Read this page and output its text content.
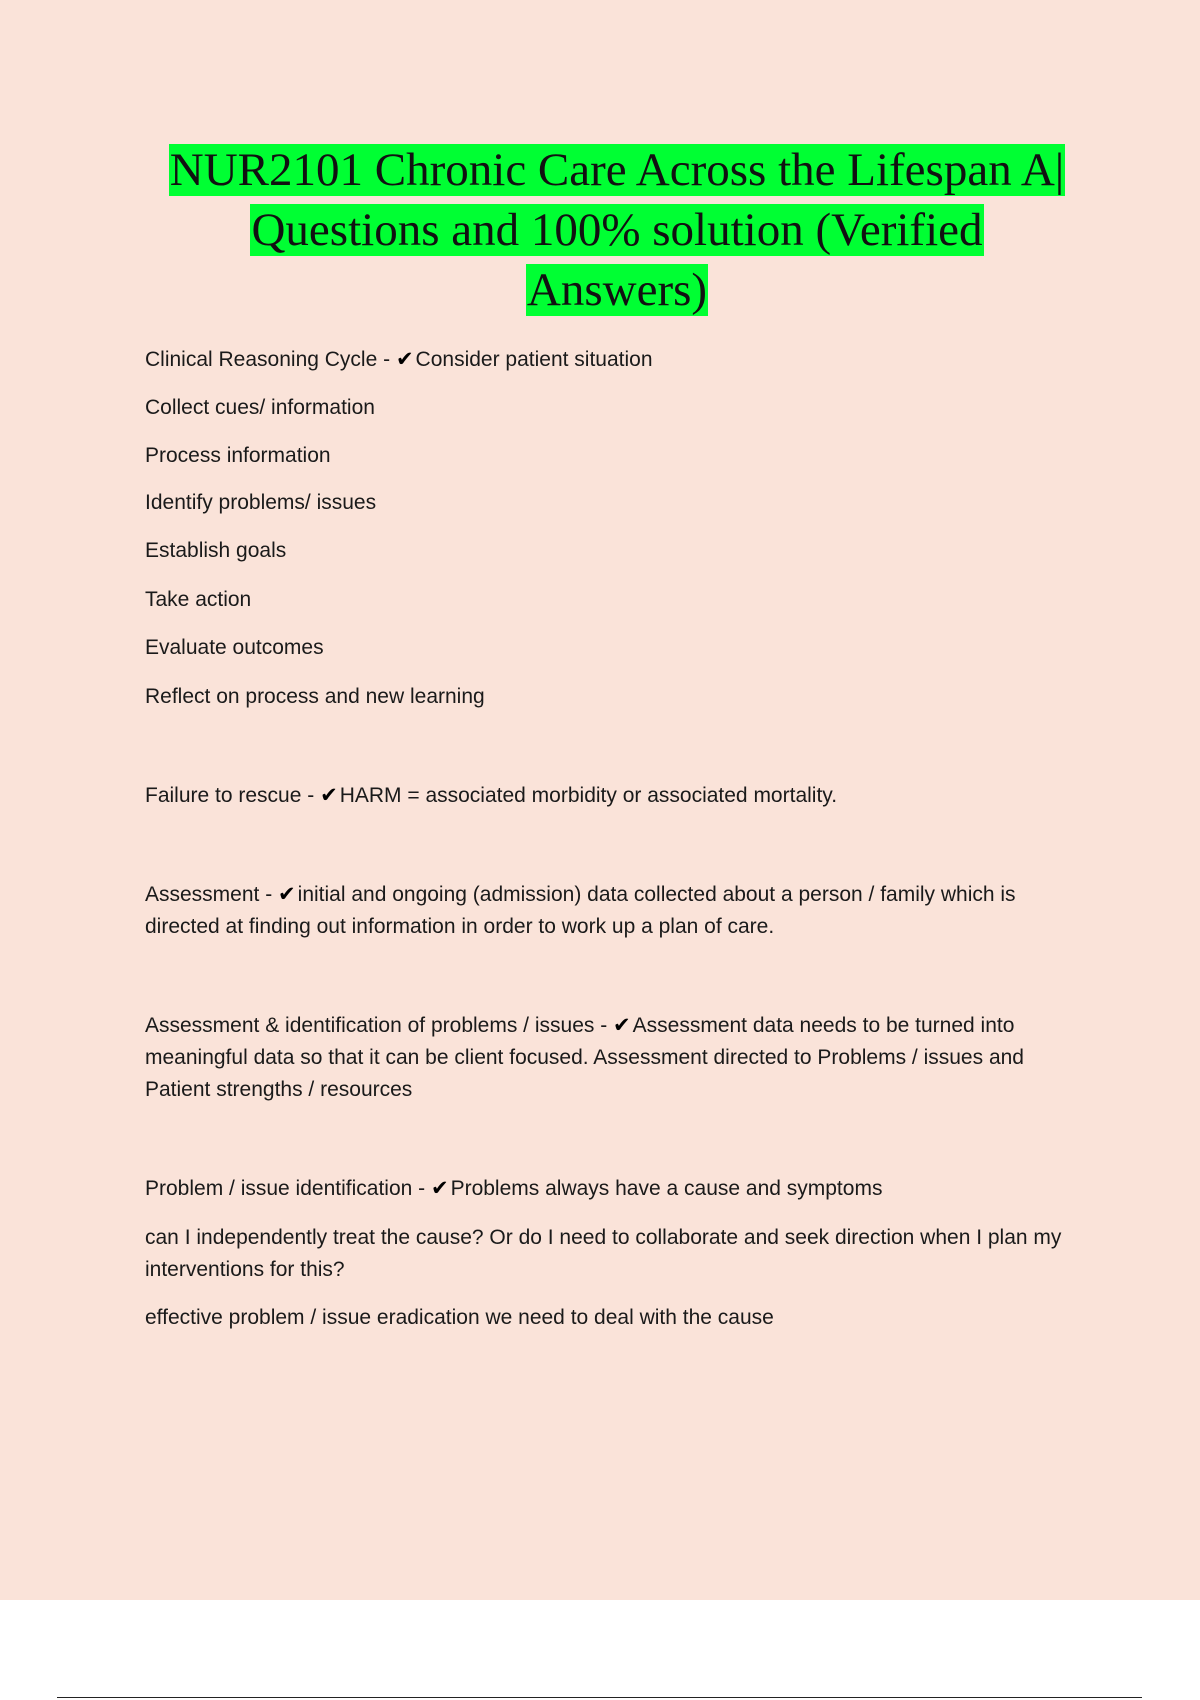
NUR2101 Chronic Care Across the Lifespan A|
Questions and 100% solution (Verified
Answers)
Clinical Reasoning Cycle - ✔Consider patient situation
Collect cues/ information
Process information
Identify problems/ issues
Establish goals
Take action
Evaluate outcomes
Reflect on process and new learning
Failure to rescue - ✔HARM = associated morbidity or associated mortality.
Assessment - ✔initial and ongoing (admission) data collected about a person / family which is directed at finding out information in order to work up a plan of care.
Assessment & identification of problems / issues - ✔Assessment data needs to be turned into meaningful data so that it can be client focused. Assessment directed to Problems / issues and Patient strengths / resources
Problem / issue identification - ✔Problems always have a cause and symptoms
can I independently treat the cause? Or do I need to collaborate and seek direction when I plan my interventions for this?
effective problem / issue eradication we need to deal with the cause
